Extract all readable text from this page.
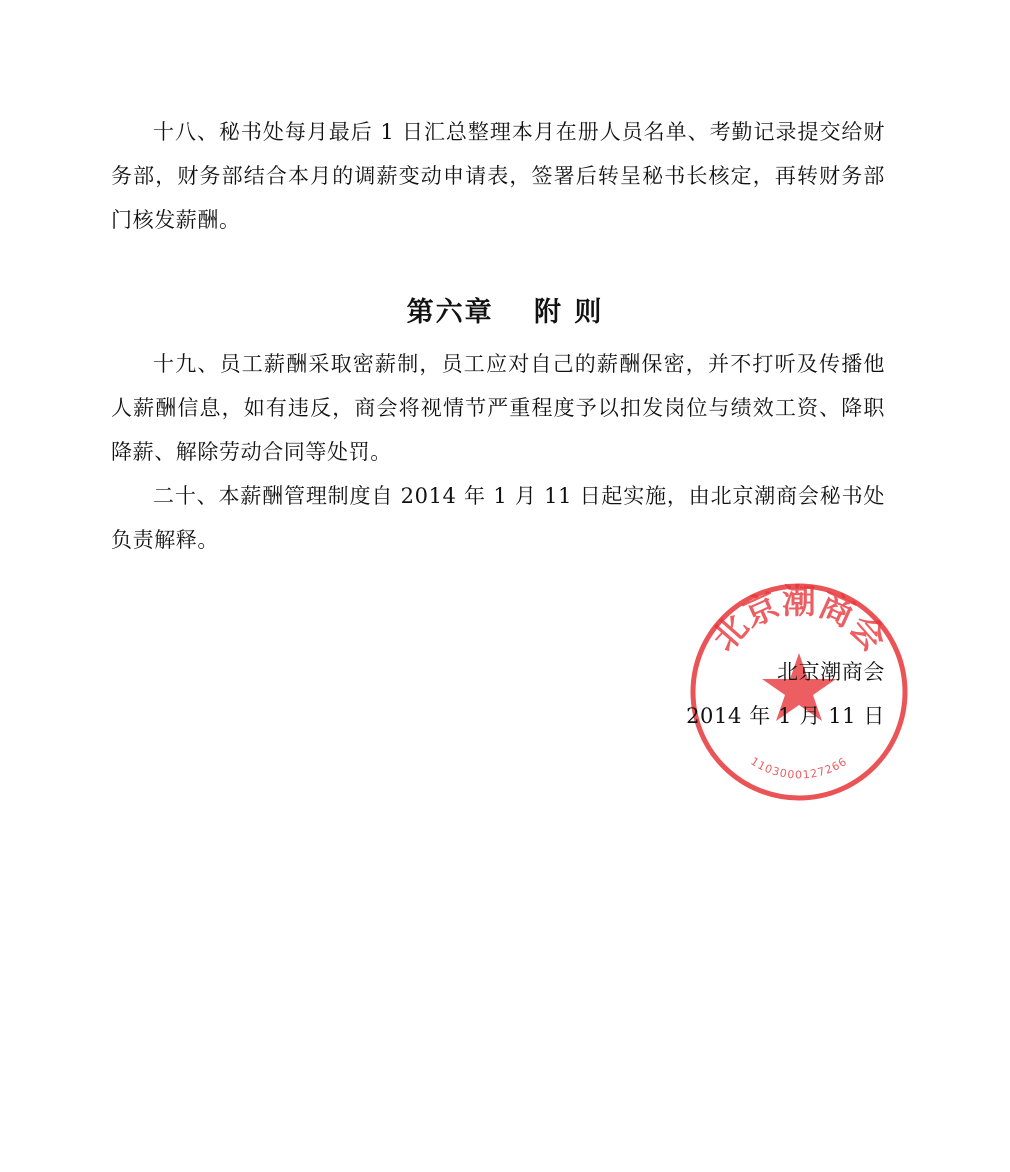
十八、秘书处每月最后 1 日汇总整理本月在册人员名单、考勤记录提交给财务部，财务部结合本月的调薪变动申请表，签署后转呈秘书长核定，再转财务部门核发薪酬。

第六章　 附 则

十九、员工薪酬采取密薪制，员工应对自己的薪酬保密，并不打听及传播他人薪酬信息，如有违反，商会将视情节严重程度予以扣发岗位与绩效工资、降职降薪、解除劳动合同等处罚。

二十、本薪酬管理制度自 2014 年 1 月 11 日起实施，由北京潮商会秘书处负责解释。

北京潮商会
1103000127266
北京潮商会
2014 年 1 月 11 日
